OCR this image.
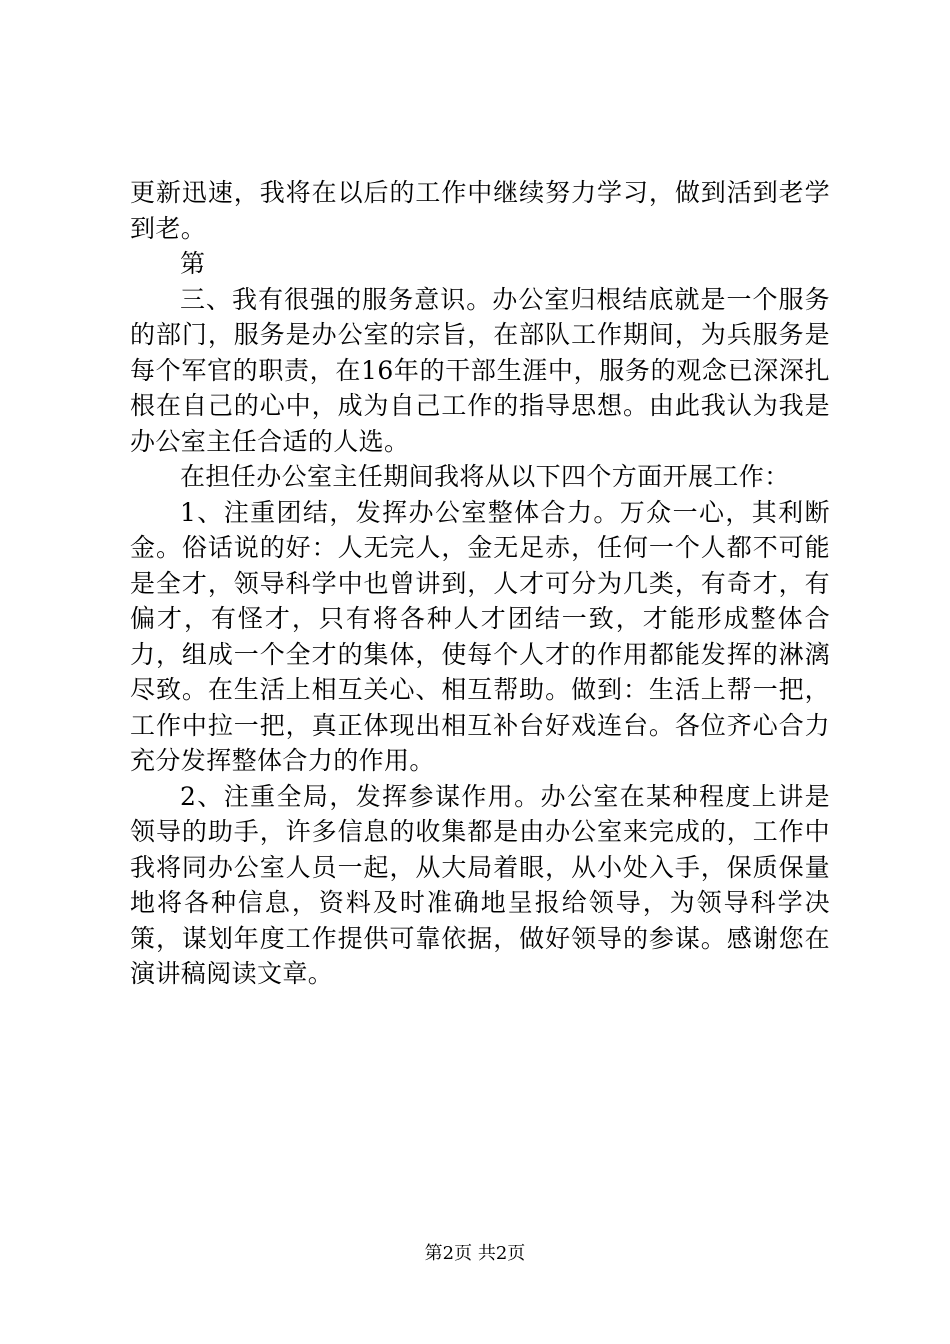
更新迅速，我将在以后的工作中继续努力学习，做到活到老学到老。

第

三、我有很强的服务意识。办公室归根结底就是一个服务的部门，服务是办公室的宗旨，在部队工作期间，为兵服务是每个军官的职责，在16年的干部生涯中，服务的观念已深深扎根在自己的心中，成为自己工作的指导思想。由此我认为我是办公室主任合适的人选。

在担任办公室主任期间我将从以下四个方面开展工作：

1、注重团结，发挥办公室整体合力。万众一心，其利断金。俗话说的好：人无完人，金无足赤，任何一个人都不可能是全才，领导科学中也曾讲到，人才可分为几类，有奇才，有偏才，有怪才，只有将各种人才团结一致，才能形成整体合力，组成一个全才的集体，使每个人才的作用都能发挥的淋漓尽致。在生活上相互关心、相互帮助。做到：生活上帮一把，工作中拉一把，真正体现出相互补台好戏连台。各位齐心合力充分发挥整体合力的作用。

2、注重全局，发挥参谋作用。办公室在某种程度上讲是领导的助手，许多信息的收集都是由办公室来完成的，工作中我将同办公室人员一起，从大局着眼，从小处入手，保质保量地将各种信息，资料及时准确地呈报给领导，为领导科学决策，谋划年度工作提供可靠依据，做好领导的参谋。感谢您在演讲稿阅读文章。

第2页 共2页
